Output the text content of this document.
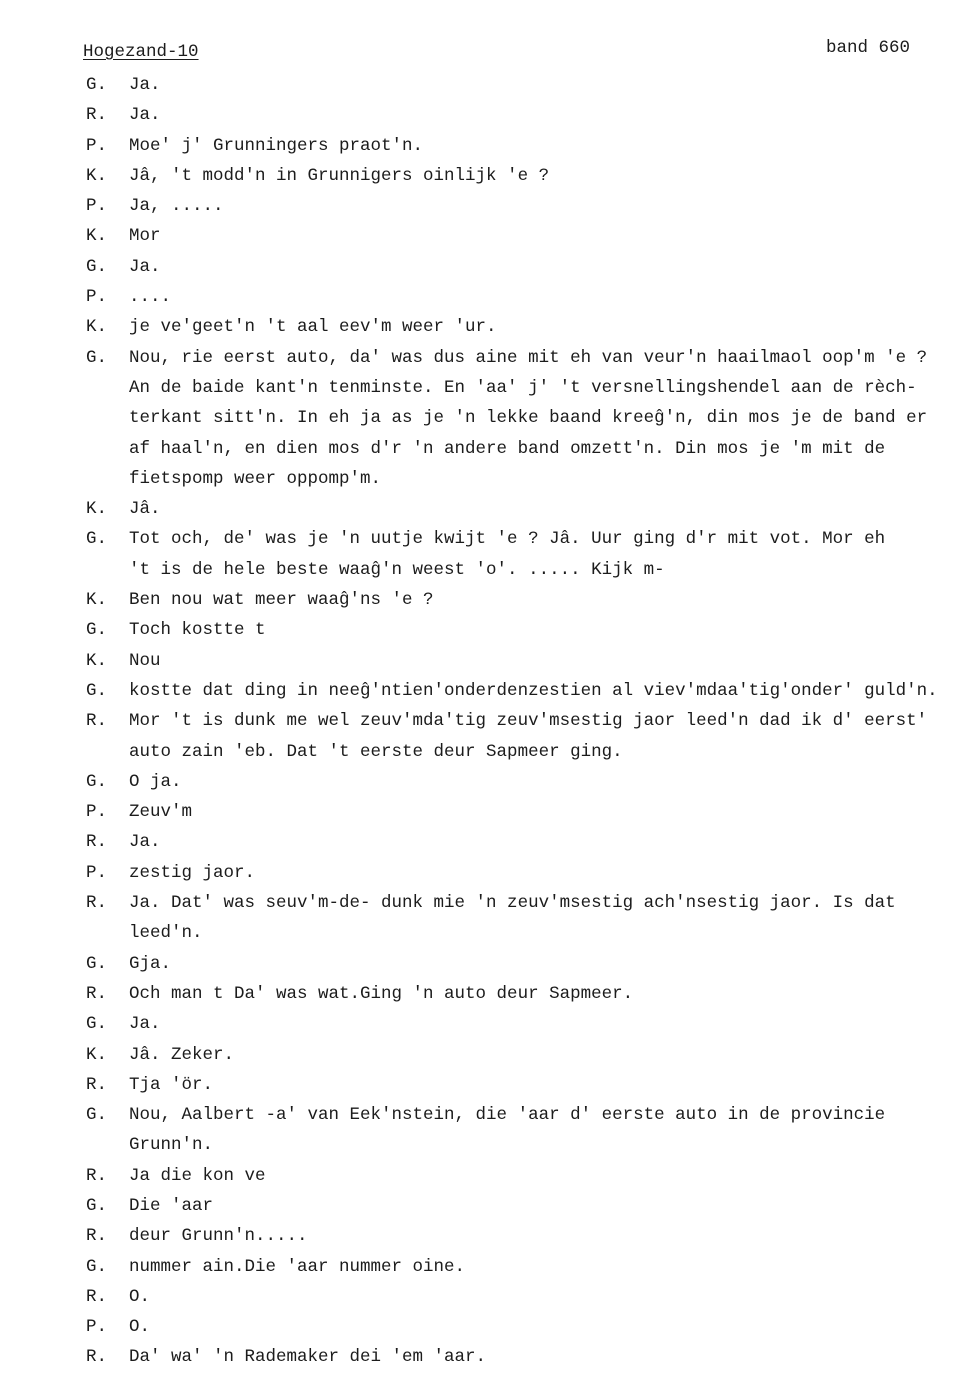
Hogezand-10	band 660
G. Ja.
R. Ja.
P. Moe' j' Grunningers praot'n.
K. Jâ, 't modd'n in Grunnigers oinlijk 'e ?
P. Ja, .....
K. Mor
G. Ja.
P. ....
K. je ve'geet'n 't aal eev'm weer 'ur.
G. Nou, rie eerst auto, da' was dus aine mit eh van veur'n haailmaol oop'm 'e ?
An de baide kant'n tenminste. En 'aa' j' 't versnellingshendel aan de rèch-
terkant sitt'n. In eh ja as je 'n lekke baand kreeĝ'n, din mos je de band er
af haal'n, en dien mos d'r 'n andere band omzett'n. Din mos je 'm mit de
fietspomp weer oppomp'm.
K. Jâ.
G. Tot och, de' was je 'n uutje kwijt 'e ? Jâ. Uur ging d'r mit vot. Mor eh
't is de hele beste waaĝ'n weest 'o'. ..... Kijk m-
K. Ben nou wat meer waaĝ'ns 'e ?
G. Toch kostte t
K. Nou
G. kostte dat ding in neeĝ'ntien'onderdenzestien al viev'mdaa'tig'onder' guld'n.
R. Mor 't is dunk me wel zeuv'mda'tig zeuv'msestig jaor leed'n dad ik d' eerst'
auto zain 'eb. Dat 't eerste deur Sapmeer ging.
G. O ja.
P. Zeuv'm
R. Ja.
P. zestig jaor.
R. Ja. Dat' was seuv'm-de- dunk mie 'n zeuv'msestig ach'nsestig jaor. Is dat
leed'n.
G. Gja.
R. Och man t Da' was wat.Ging 'n auto deur Sapmeer.
G. Ja.
K. Jâ. Zeker.
R. Tja 'ör.
G. Nou, Aalbert -a' van Eek'nstein, die 'aar d' eerste auto in de provincie
Grunn'n.
R. Ja die kon ve
G. Die 'aar
R. deur Grunn'n.....
G. nummer ain.Die 'aar nummer oine.
R. O.
P. O.
R. Da' wa' 'n Rademaker dei 'em 'aar.
